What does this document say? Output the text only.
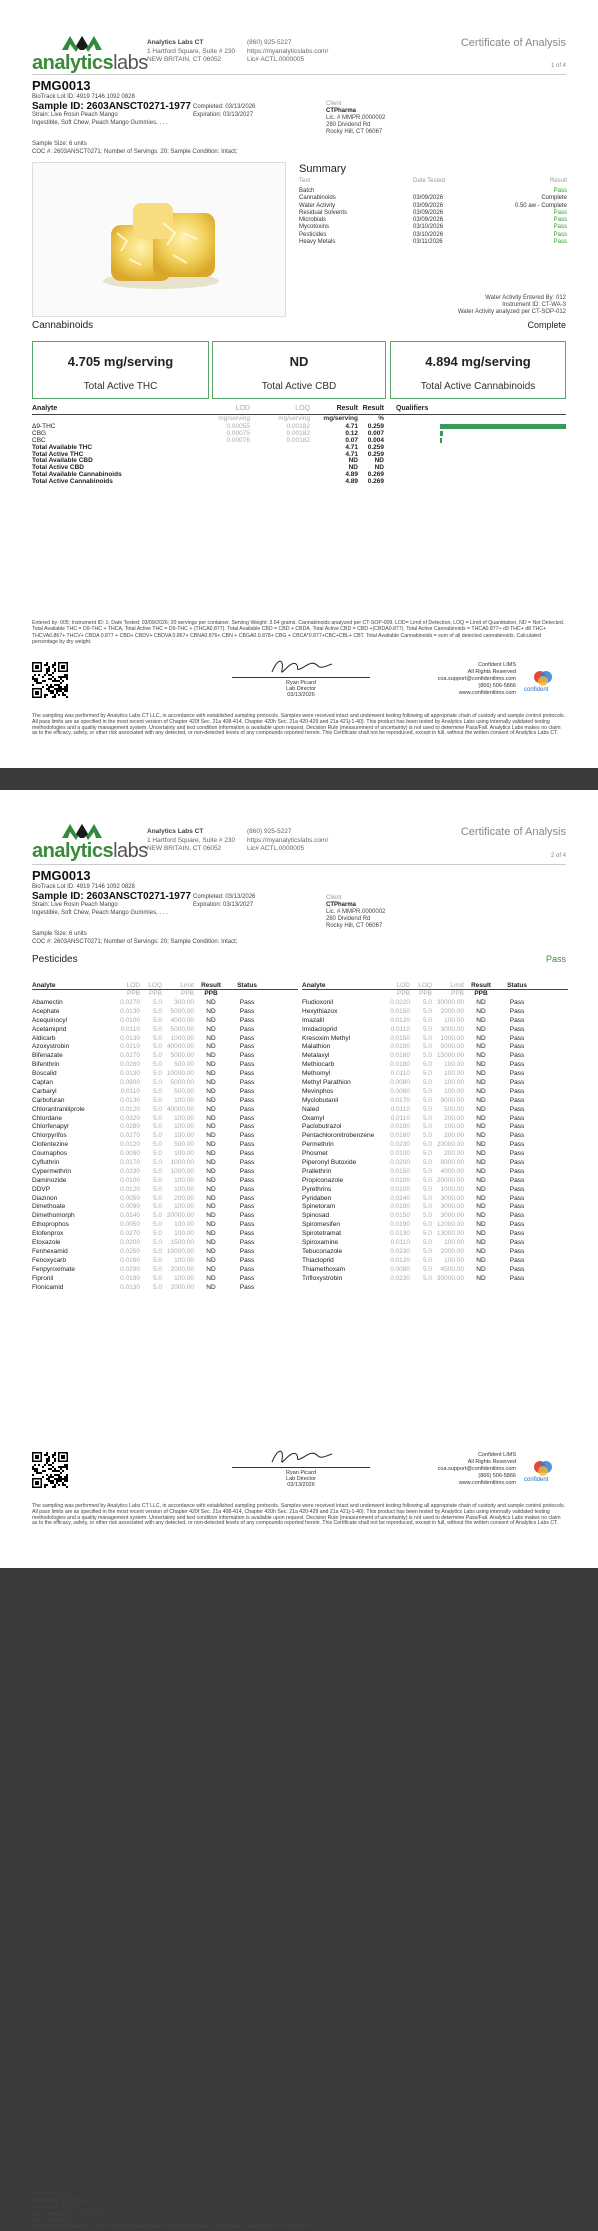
analyticslabs
Analytics Labs CT
1 Hartford Square, Suite # 230
NEW BRITAIN, CT 06052
(860) 925-5227
https://myanalyticslabs.com/
Lic# ACTL.0000005
Certificate of Analysis
1 of 4
PMG0013
BioTrack Lot ID: 4919 7146 1092 0828
Sample ID: 2603ANSCT0271-1977
Strain: Live Rosin Peach Mango
Ingestible, Soft Chew, Peach Mango Gummies, . . .
Completed: 03/13/2026
Expiration: 03/13/2027
Client
CTPharma
Lic. # MMPR.0000002
280 Dividend Rd
Rocky Hill, CT 06067
Sample Size: 6 units
COC #: 2603ANSCT0271; Number of Servings: 20; Sample Condition: Intact;
Summary
Test	Date Tested	Result
Batch	Pass
Cannabinoids	03/09/2026	Complete
Water Activity	03/09/2026	0.50 aw - Complete
Residual Solvents	03/09/2026	Pass
Microbials	03/09/2026	Pass
Mycotoxins	03/10/2026	Pass
Pesticides	03/10/2026	Pass
Heavy Metals	03/11/2026	Pass
Water Activity Entered By: 012
Instrument ID: CT-WA-3
Water Activity analyzed per CT-SOP-012
Cannabinoids	Complete
4.705 mg/serving
Total Active THC
ND
Total Active CBD
4.894 mg/serving
Total Active Cannabinoids
Analyte	LOD	LOQ	Result Result Qualifiers
mg/serving	mg/serving	mg/serving	%
Δ9-THC	0.00055	0.00182	4.71	0.259
CBG	0.00075	0.00182	0.12	0.007
CBC	0.00076	0.00182	0.07	0.004
Total Available THC	4.71	0.259
Total Active THC	4.71	0.259
Total Available CBD	ND	ND
Total Active CBD	ND	ND
Total Available Cannabinoids	4.89	0.269
Total Active Cannabinoids	4.89	0.269
Entered by: 005; Instrument ID: 1; Date Tested: 03/09/2026; 20 servings per container. Serving Weight: 3.64 grams. Cannabinoids analyzed per CT-SOP-009. LOD= Limit of Detection, LOQ = Limit of Quantitation, ND = Not Detected. Total Available THC = D9-THC + THCA, Total Active THC = D9-THC + (THCA0.877). Total Available CBD = CBD + CBDA. Total Active CBD = CBD +(CBDA0.877). Total Active Cannabinoids = THCA0.877+ d9 THC+ d8 THC+ THCVA0.867+ THCV+ CBDA 0.877 + CBD+ CBDV+ CBDVA 0.867+ CBNA0.876+ CBN + CBGA0.0.878+ CBG + CBCA*0.877+CBC+CBL+ CBT. Total Available Cannabinoids = sum of all detected cannabinoids. Calculated percentage by dry weight.
Ryan Picard
Lab Director
03/13/2026
Confident LIMS
All Rights Reserved
coa.support@confidentlims.com
(866) 506-5866
www.confidentlims.com confident
The sampling was performed by Analytics Labs CT LLC, in accordance with established sampling protocols. Samples were received intact and underwent testing following all appropriate chain of custody and sample control protocols. All pass limits are as specified in the most recent version of Chapter 420f Sec. 21a 408-414, Chapter 420h Sec. 21a 420-429 and 21a 421j-1-40). This product has been tested by Analytics Labs using internally validated testing methodologies and a quality management system. Uncertainty and test condition information is available upon request. Decision Rule (measurement of uncertainty) is not used to determine Pass/Fail. Analytics Labs makes no claim as to the efficacy, safety, or other risk associated with any detected, or non-detected levels of any compounds reported herein. This Certificate shall not be reproduced, except in full, without the written consent of Analytics Labs CT.
analyticslabs
Analytics Labs CT
1 Hartford Square, Suite # 230
NEW BRITAIN, CT 06052
(860) 925-5227
https://myanalyticslabs.com/
Lic# ACTL.0000005
Certificate of Analysis
2 of 4
PMG0013
BioTrack Lot ID: 4919 7146 1092 0828
Sample ID: 2603ANSCT0271-1977
Strain: Live Rosin Peach Mango
Ingestible, Soft Chew, Peach Mango Gummies, . . .
Completed: 03/13/2026
Expiration: 03/13/2027
Client
CTPharma
Lic. # MMPR.0000002
280 Dividend Rd
Rocky Hill, CT 06067
Sample Size: 6 units
COC #: 2603ANSCT0271; Number of Servings: 20; Sample Condition: Intact;
Pesticides	Pass
Entered by: 020
Instrument ID: LCMS-1
Instrument ID: 2: 0
Date Tested (LC): 03/10/2026
Date Tested (GC):
LOD= Limit of Detection, LOQ = Limit of Quantitation, ND = Not Detected. Pesticides analyzed per CT-SOP-008.
Ryan Picard
Lab Director
03/13/2026
Confident LIMS
All Rights Reserved
coa.support@confidentlims.com
(866) 506-5866
www.confidentlims.com confident
The sampling was performed by Analytics Labs CT LLC, in accordance with established sampling protocols. Samples were received intact and underwent testing following all appropriate chain of custody and sample control protocols. All pass limits are as specified in the most recent version of Chapter 420f Sec. 21a 408-414, Chapter 420h Sec. 21a 420-429 and 21a 421j-1-40). This product has been tested by Analytics Labs using internally validated testing methodologies and a quality management system. Uncertainty and test condition information is available upon request. Decision Rule (measurement of uncertainty) is not used to determine Pass/Fail. Analytics Labs makes no claim as to the efficacy, safety, or other risk associated with any detected, or non-detected levels of any compounds reported herein. This Certificate shall not be reproduced, except in full, without the written consent of Analytics Labs CT.
Analyte	LOD	LOQ	Limit	Result	Status
PPB	PPB	PPB	PPB
Abamectin	0.0270	5.0	300.00	ND	Pass
Acephate	0.0130	5.0	5000.00	ND	Pass
Acequinocyl	0.0100	5.0	4000.00	ND	Pass
Acetamiprid	0.0110	5.0	5000.00	ND	Pass
Aldicarb	0.0130	5.0	1000.00	ND	Pass
Azoxystrobin	0.0210	5.0 40000.00	ND	Pass
Bifenazate	0.0270	5.0	5000.00	ND	Pass
Bifenthrin	0.0280	5.0	500.00	ND	Pass
Boscalid	0.0130	5.0 10000.00	ND	Pass
Captan	0.0900	5.0	5000.00	ND	Pass
Carbaryl	0.0110	5.0	500.00	ND	Pass
Carbofuran	0.0130	5.0	100.00	ND	Pass
Chlorantraniliprole	0.0120	5.0 40000.00	ND	Pass
Chlordane	0.0320	5.0	100.00	ND	Pass
Chlorfenapyr	0.0280	5.0	100.00	ND	Pass
Chlorpyrifos	0.0270	5.0	100.00	ND	Pass
Clofentezine	0.0120	5.0	500.00	ND	Pass
Coumaphos	0.0090	5.0	100.00	ND	Pass
Cyfluthrin	0.0170	5.0	1000.00	ND	Pass
Cypermethrin	0.0230	5.0	1000.00	ND	Pass
Daminozide	0.0100	5.0	100.00	ND	Pass
DDVP	0.0120	5.0	100.00	ND	Pass
Diazinon	0.0050	5.0	200.00	ND	Pass
Dimethoate	0.0090	5.0	100.00	ND	Pass
Dimethomorph	0.0140	5.0 20000.00	ND	Pass
Ethoprophos	0.0050	5.0	100.00	ND	Pass
Etofenprox	0.0270	5.0	100.00	ND	Pass
Etoxazole	0.0200	5.0	1500.00	ND	Pass
Fenhexamid	0.0250	5.0 10000.00	ND	Pass
Fenoxycarb	0.0160	5.0	100.00	ND	Pass
Fenpyroximate	0.0290	5.0	2000.00	ND	Pass
Fipronil	0.0190	5.0	100.00	ND	Pass
Flonicamid	0.0130	5.0	2000.00	ND	Pass
Analyte	LOD	LOQ	Limit	Result	Status
PPB	PPB	PPB	PPB
Fludioxonil	0.0220	5.0 30000.00	ND	Pass
Hexythiazox	0.0150	5.0	2000.00	ND	Pass
Imazalil	0.0120	5.0	100.00	ND	Pass
Imidacloprid	0.0110	5.0	3000.00	ND	Pass
Kresoxim Methyl	0.0150	5.0	1000.00	ND	Pass
Malathion	0.0180	5.0	5000.00	ND	Pass
Metalaxyl	0.0160	5.0 15000.00	ND	Pass
Methiocarb	0.0180	5.0	100.00	ND	Pass
Methomyl	0.0110	5.0	100.00	ND	Pass
Methyl Parathion	0.0080	5.0	100.00	ND	Pass
Mevinphos	0.0080	5.0	100.00	ND	Pass
Myclobutanil	0.0170	5.0	9000.00	ND	Pass
Naled	0.0110	5.0	500.00	ND	Pass
Oxamyl	0.0110	5.0	200.00	ND	Pass
Paclobutrazol	0.0190	5.0	100.00	ND	Pass
Pentachloronitrobenzene	0.0160	5.0	200.00	ND	Pass
Permethrin	0.0230	5.0 20000.00	ND	Pass
Phosmet	0.0100	5.0	200.00	ND	Pass
Piperonyl Butoxide	0.0200	5.0	8000.00	ND	Pass
Prallethrin	0.0150	5.0	4000.00	ND	Pass
Propiconazole	0.0100	5.0 20000.00	ND	Pass
Pyrethrins	0.0100	5.0	1000.00	ND	Pass
Pyridaben	0.0240	5.0	3000.00	ND	Pass
Spinetoram	0.0190	5.0	3000.00	ND	Pass
Spinosad	0.0150	5.0	3000.00	ND	Pass
Spiromesifen	0.0190	5.0 12000.00	ND	Pass
Spirotetramat	0.0130	5.0 13000.00	ND	Pass
Spiroxamine	0.0110	5.0	100.00	ND	Pass
Tebuconazole	0.0230	5.0	2000.00	ND	Pass
Thiacloprid	0.0120	5.0	100.00	ND	Pass
Thiamethoxam	0.0080	5.0	4500.00	ND	Pass
Trifloxystrobin	0.0230	5.0 30000.00	ND	Pass
